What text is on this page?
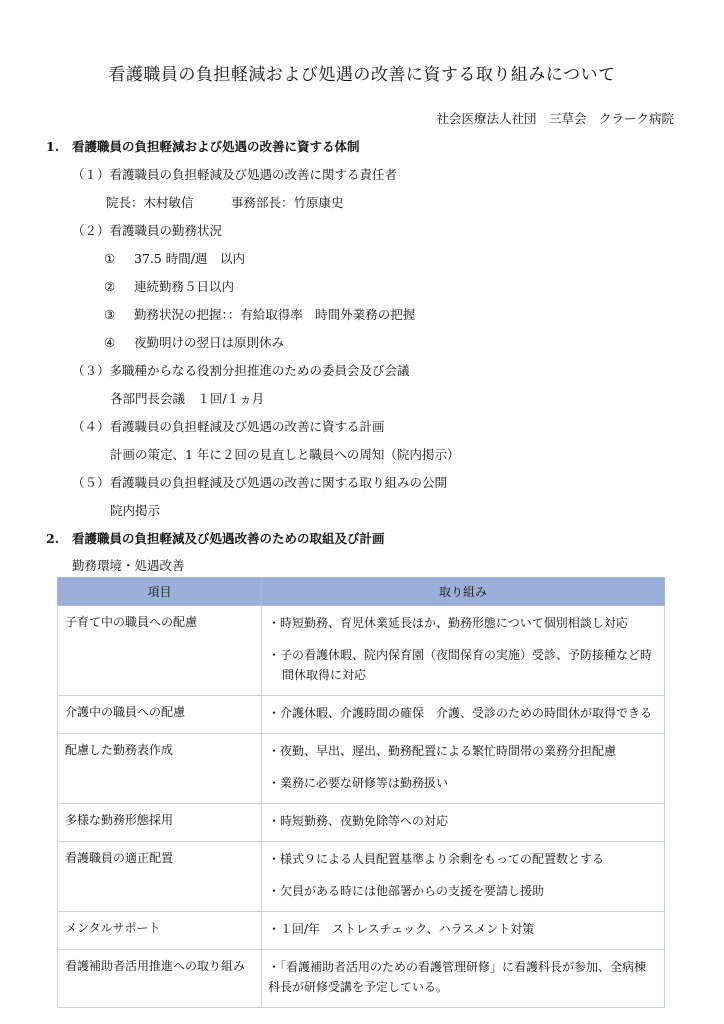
看護職員の負担軽減および処遇の改善に資する取り組みについて
社会医療法人社団　三草会　クラーク病院
1. 看護職員の負担軽減および処遇の改善に資する体制
（１）看護職員の負担軽減及び処遇の改善に関する責任者
院長：木村敏信　　　事務部長：竹原康史
（２）看護職員の勤務状況
① 37.5 時間/週　以内
② 連続勤務５日以内
③ 勤務状況の把握：：有給取得率　時間外業務の把握
④ 夜勤明けの翌日は原則休み
（３）多職種からなる役割分担推進のための委員会及び会議
各部門長会議　１回/１ヵ月
（４）看護職員の負担軽減及び処遇の改善に資する計画
計画の策定、1 年に２回の見直しと職員への周知（院内掲示）
（５）看護職員の負担軽減及び処遇の改善に関する取り組みの公開
院内掲示
2. 看護職員の負担軽減及び処遇改善のための取組及び計画
勤務環境・処遇改善
項目	取り組み
子育て中の職員への配慮	・時短勤務、育児休業延長ほか、勤務形態について個別相談し対応
・子の看護休暇、院内保育園（夜間保育の実施）受診、予防接種など時
間休取得に対応

介護中の職員への配慮	・介護休暇、介護時間の確保　介護、受診のための時間休が取得できる

配慮した勤務表作成	・夜勤、早出、遅出、勤務配置による繁忙時間帯の業務分担配慮
・業務に必要な研修等は勤務扱い

多様な勤務形態採用	・時短勤務、夜勤免除等への対応

看護職員の適正配置	・様式９による人員配置基準より余剰をもっての配置数とする
・欠員がある時には他部署からの支援を要請し援助

メンタルサポート	・１回/年　ストレスチェック、ハラスメント対策

看護補助者活用推進への取り組み	・「看護補助者活用のための看護管理研修」に看護科長が参加、全病棟
科長が研修受講を予定している。
